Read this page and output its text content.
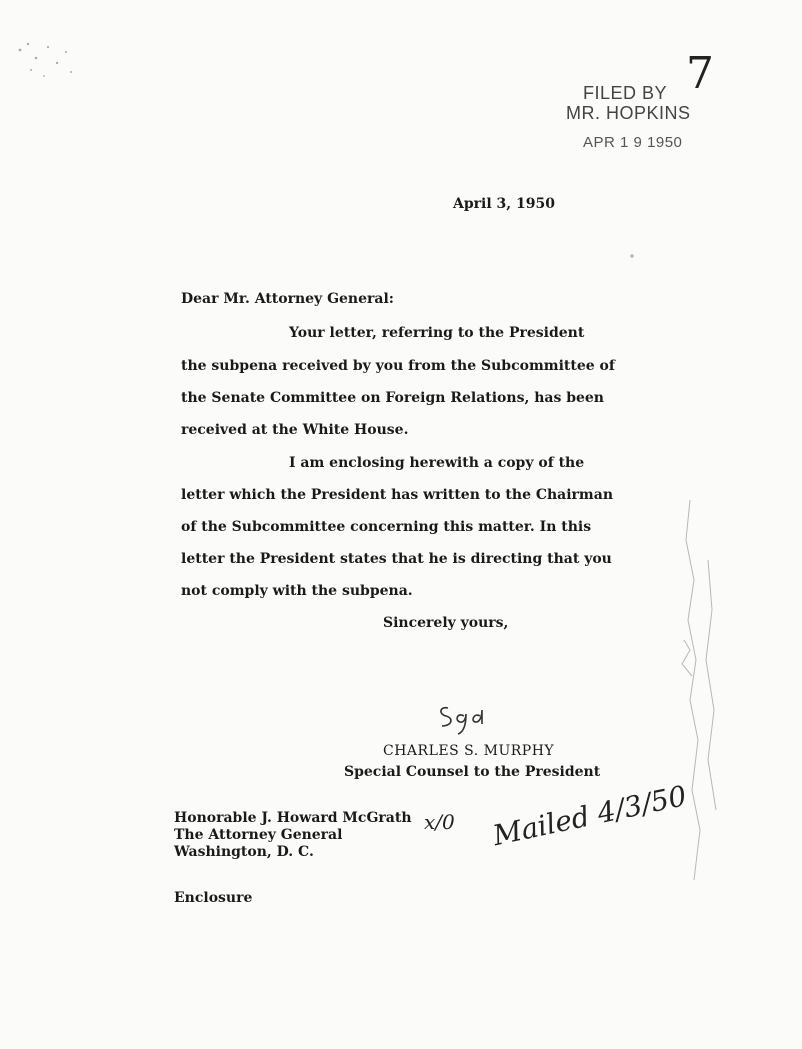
FILED BY
MR. HOPKINS
APR 1 9 1950
7
April 3, 1950
Dear Mr. Attorney General:
Your letter, referring to the President
the subpena received by you from the Subcommittee of
the Senate Committee on Foreign Relations, has been
received at the White House.
I am enclosing herewith a copy of the
letter which the President has written to the Chairman
of the Subcommittee concerning this matter. In this
letter the President states that he is directing that you
not comply with the subpena.
Sincerely yours,
CHARLES S. MURPHY
Special Counsel to the President
Honorable J. Howard McGrath
The Attorney General
Washington, D. C.
x/0 Mailed 4/3/50
Enclosure
